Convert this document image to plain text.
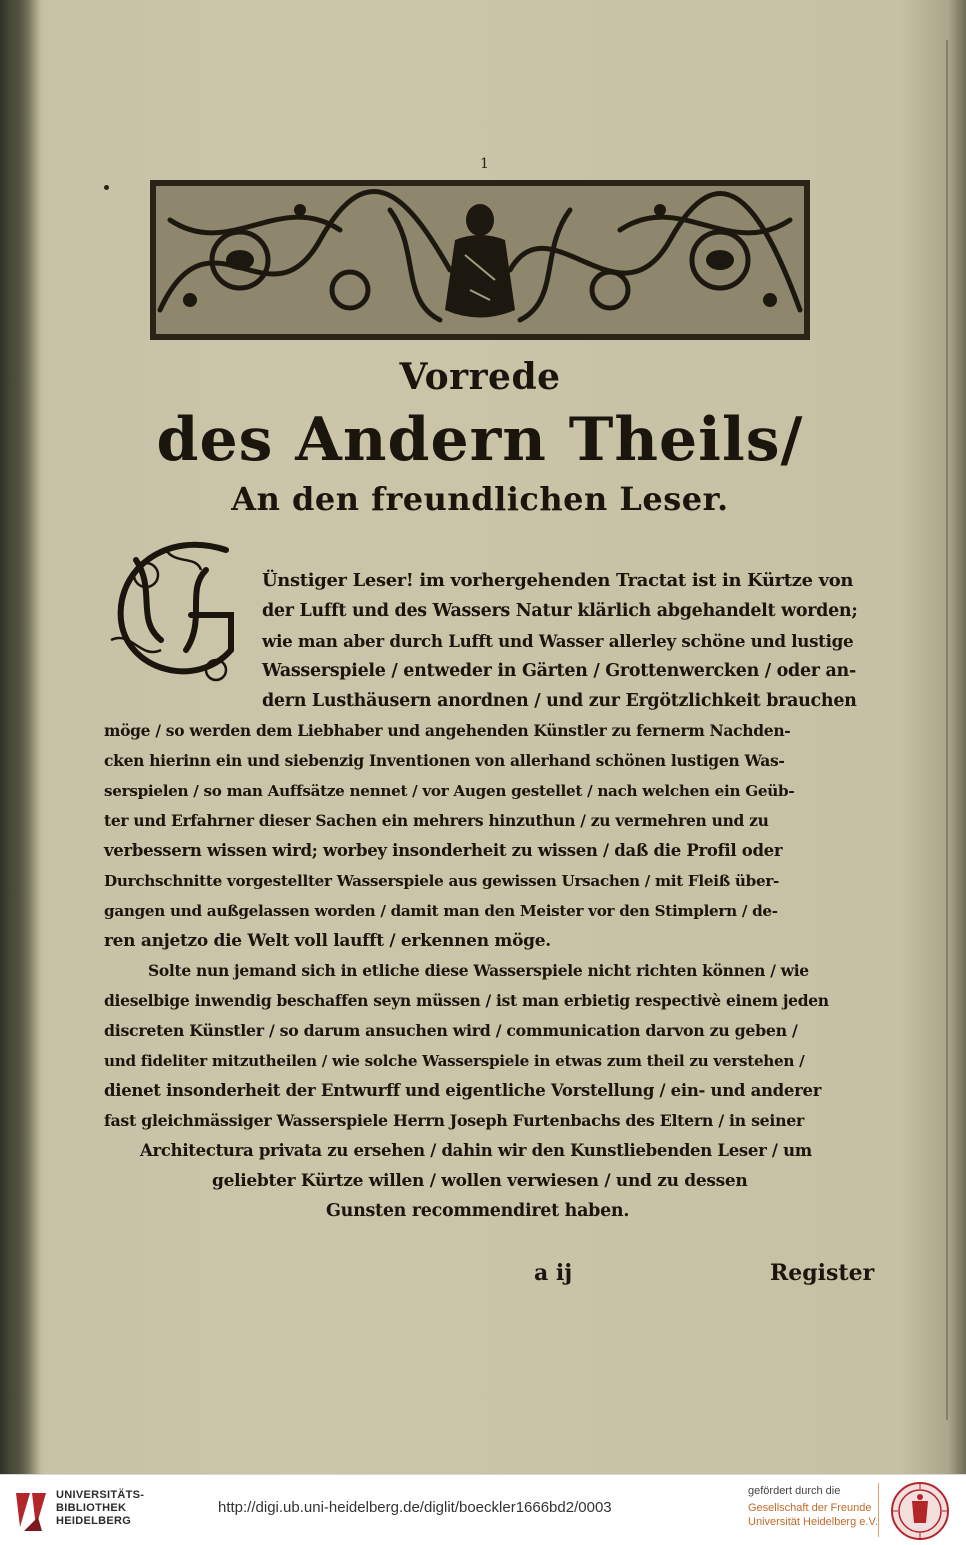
1
Vorrede
des Andern Theils/
An den freundlichen Leser.
Ünstiger Leser! im vorhergehenden Tractat ist in Kürtze von
der Lufft und des Wassers Natur klärlich abgehandelt worden;
wie man aber durch Lufft und Wasser allerley schöne und lustige
Wasserspiele / entweder in Gärten / Grottenwercken / oder an-
dern Lusthäusern anordnen / und zur Ergötzlichkeit brauchen
möge / so werden dem Liebhaber und angehenden Künstler zu fernerm Nachden-
cken hierinn ein und siebenzig Inventionen von allerhand schönen lustigen Was-
serspielen / so man Auffsätze nennet / vor Augen gestellet / nach welchen ein Geüb-
ter und Erfahrner dieser Sachen ein mehrers hinzuthun / zu vermehren und zu
verbessern wissen wird; worbey insonderheit zu wissen / daß die Profil oder
Durchschnitte vorgestellter Wasserspiele aus gewissen Ursachen / mit Fleiß über-
gangen und außgelassen worden / damit man den Meister vor den Stimplern / de-
ren anjetzo die Welt voll laufft / erkennen möge.
Solte nun jemand sich in etliche diese Wasserspiele nicht richten können / wie
dieselbige inwendig beschaffen seyn müssen / ist man erbietig respectivè einem jeden
discreten Künstler / so darum ansuchen wird / communication darvon zu geben /
und fideliter mitzutheilen / wie solche Wasserspiele in etwas zum theil zu verstehen /
dienet insonderheit der Entwurff und eigentliche Vorstellung / ein- und anderer
fast gleichmässiger Wasserspiele Herrn Joseph Furtenbachs des Eltern / in seiner
Architectura privata zu ersehen / dahin wir den Kunstliebenden Leser / um
geliebter Kürtze willen / wollen verwiesen / und zu dessen
Gunsten recommendiret haben.
a ij	Register
UNIVERSITÄTS-
BIBLIOTHEK
HEIDELBERG
http://digi.ub.uni-heidelberg.de/diglit/boeckler1666bd2/0003
gefördert durch die
Gesellschaft der Freunde
Universität Heidelberg e.V.
